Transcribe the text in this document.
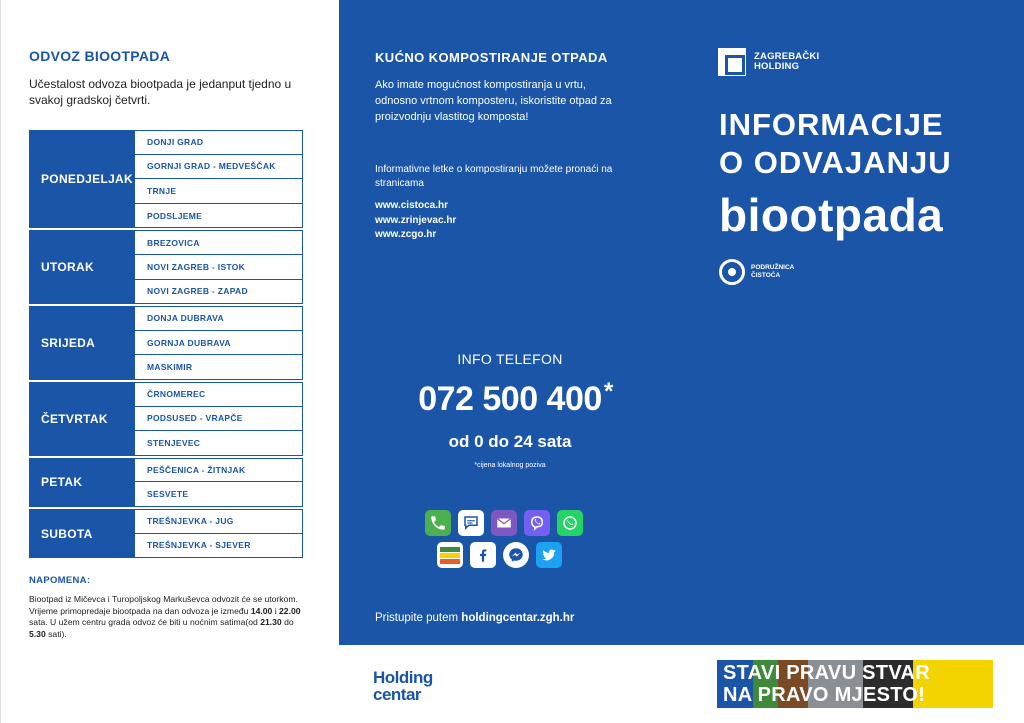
ODVOZ BIOOTPADA
Učestalost odvoza biootpada je jedanput tjedno u svakoj gradskoj četvrti.
PONEDJELJAK
DONJI GRAD
GORNJI GRAD - MEDVEŠČAK
TRNJE
PODSLJEME
UTORAK
BREZOVICA
NOVI ZAGREB - ISTOK
NOVI ZAGREB - ZAPAD
SRIJEDA
DONJA DUBRAVA
GORNJA DUBRAVA
MASKIMIR
ČETVRTAK
ČRNOMEREC
PODSUSED - VRAPČE
STENJEVEC
PETAK
PEŠČENICA - ŽITNJAK
SESVETE
SUBOTA
TREŠNJEVKA - JUG
TREŠNJEVKA - SJEVER
NAPOMENA:
Biootpad iz Mičevca i Turopoljskog Markuševca odvozit će se utorkom. Vrijeme primopredaje biootpada na dan odvoza je između 14.00 i 22.00 sata. U užem centru grada odvoz će biti u noćnim satima(od 21.30 do 5.30 sati).
KUĆNO KOMPOSTIRANJE OTPADA
Ako imate mogućnost kompostiranja u vrtu, odnosno vrtnom komposteru, iskoristite otpad za proizvodnju vlastitog komposta!
Informativne letke o kompostiranju možete pronaći na stranicama
www.cistoca.hr
www.zrinjevac.hr
www.zcgo.hr
INFO TELEFON
072 500 400 *
od 0 do 24 sata
*cijena lokalnog poziva
Pristupite putem holdingcentar.zgh.hr
ZAGREBAČKI
HOLDING
INFORMACIJE
O ODVAJANJU
biootpada
PODRUŽNICA
ČISTOĆA
Holding
centar
STAVI PRAVU STVAR
NA PRAVO MJESTO!
